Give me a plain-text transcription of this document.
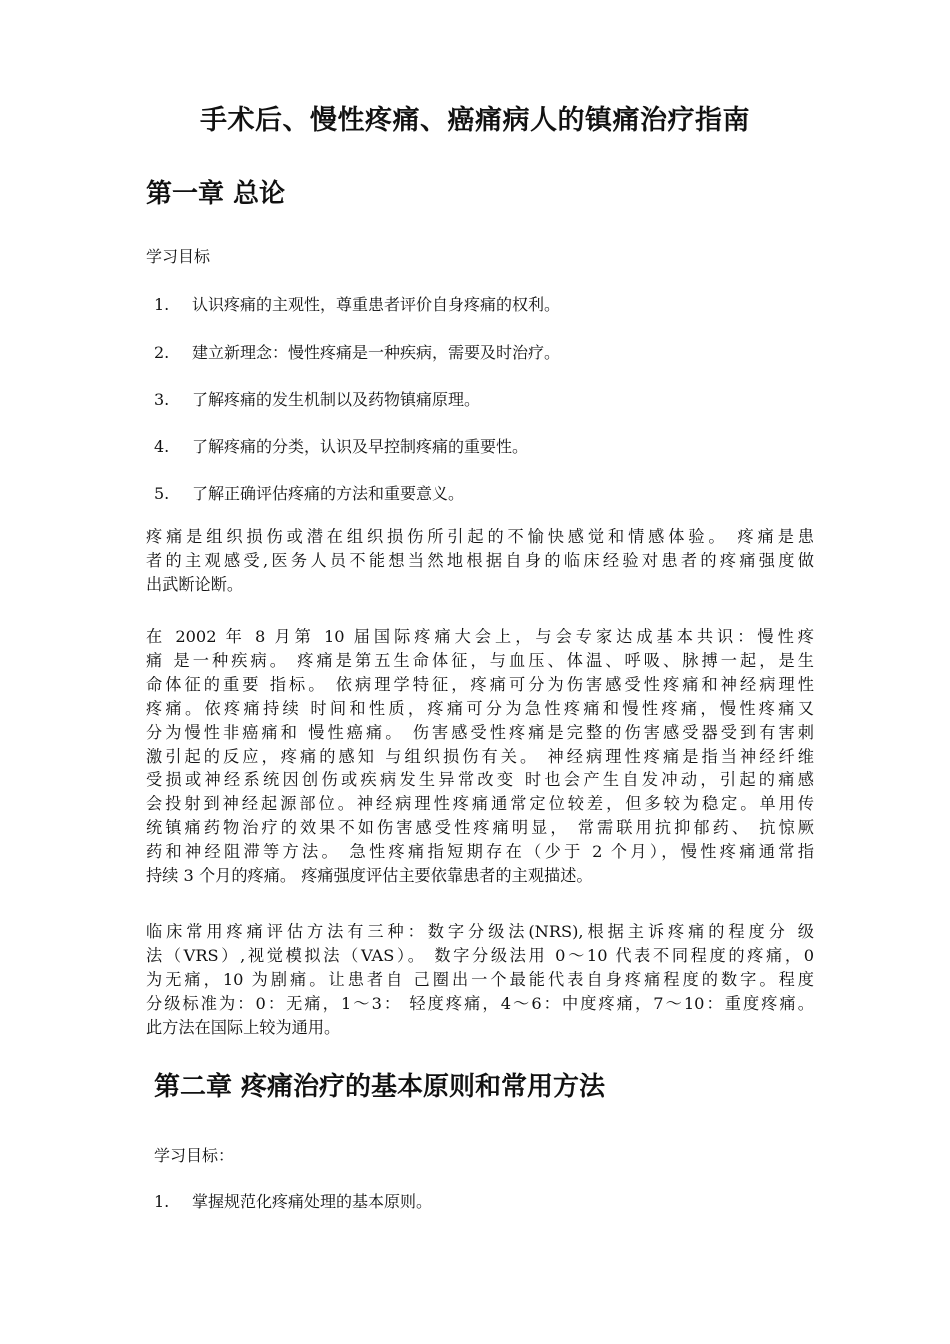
手术后、慢性疼痛、癌痛病人的镇痛治疗指南
第一章 总论
学习目标
1. 认识疼痛的主观性，尊重患者评价自身疼痛的权利。
2. 建立新理念：慢性疼痛是一种疾病，需要及时治疗。
3. 了解疼痛的发生机制以及药物镇痛原理。
4. 了解疼痛的分类，认识及早控制疼痛的重要性。
5. 了解正确评估疼痛的方法和重要意义。
疼痛是组织损伤或潜在组织损伤所引起的不愉快感觉和情感体验。 疼痛是患
者的主观感受,医务人员不能想当然地根据自身的临床经验对患者的疼痛强度做
出武断论断。
在 2002 年 8 月第 10 届国际疼痛大会上，与会专家达成基本共识：慢性疼
痛 是一种疾病。 疼痛是第五生命体征，与血压、体温、呼吸、脉搏一起，是生
命体征的重要 指标。 依病理学特征，疼痛可分为伤害感受性疼痛和神经病理性
疼痛。依疼痛持续 时间和性质，疼痛可分为急性疼痛和慢性疼痛，慢性疼痛又
分为慢性非癌痛和 慢性癌痛。 伤害感受性疼痛是完整的伤害感受器受到有害刺
激引起的反应，疼痛的感知 与组织损伤有关。 神经病理性疼痛是指当神经纤维
受损或神经系统因创伤或疾病发生异常改变 时也会产生自发冲动，引起的痛感
会投射到神经起源部位。神经病理性疼痛通常定位较差，但多较为稳定。单用传
统镇痛药物治疗的效果不如伤害感受性疼痛明显， 常需联用抗抑郁药、 抗惊厥
药和神经阻滞等方法。 急性疼痛指短期存在（少于 2 个月），慢性疼痛通常指
持续 3 个月的疼痛。 疼痛强度评估主要依靠患者的主观描述。
临床常用疼痛评估方法有三种：数字分级法(NRS),根据主诉疼痛的程度分 级
法（VRS）,视觉模拟法（VAS）。 数字分级法用 0～10 代表不同程度的疼痛，0
为无痛，10 为剧痛。让患者自 己圈出一个最能代表自身疼痛程度的数字。程度
分级标准为：0：无痛，1～3： 轻度疼痛，4～6：中度疼痛，7～10：重度疼痛。
此方法在国际上较为通用。
第二章 疼痛治疗的基本原则和常用方法
学习目标：
1. 掌握规范化疼痛处理的基本原则。
